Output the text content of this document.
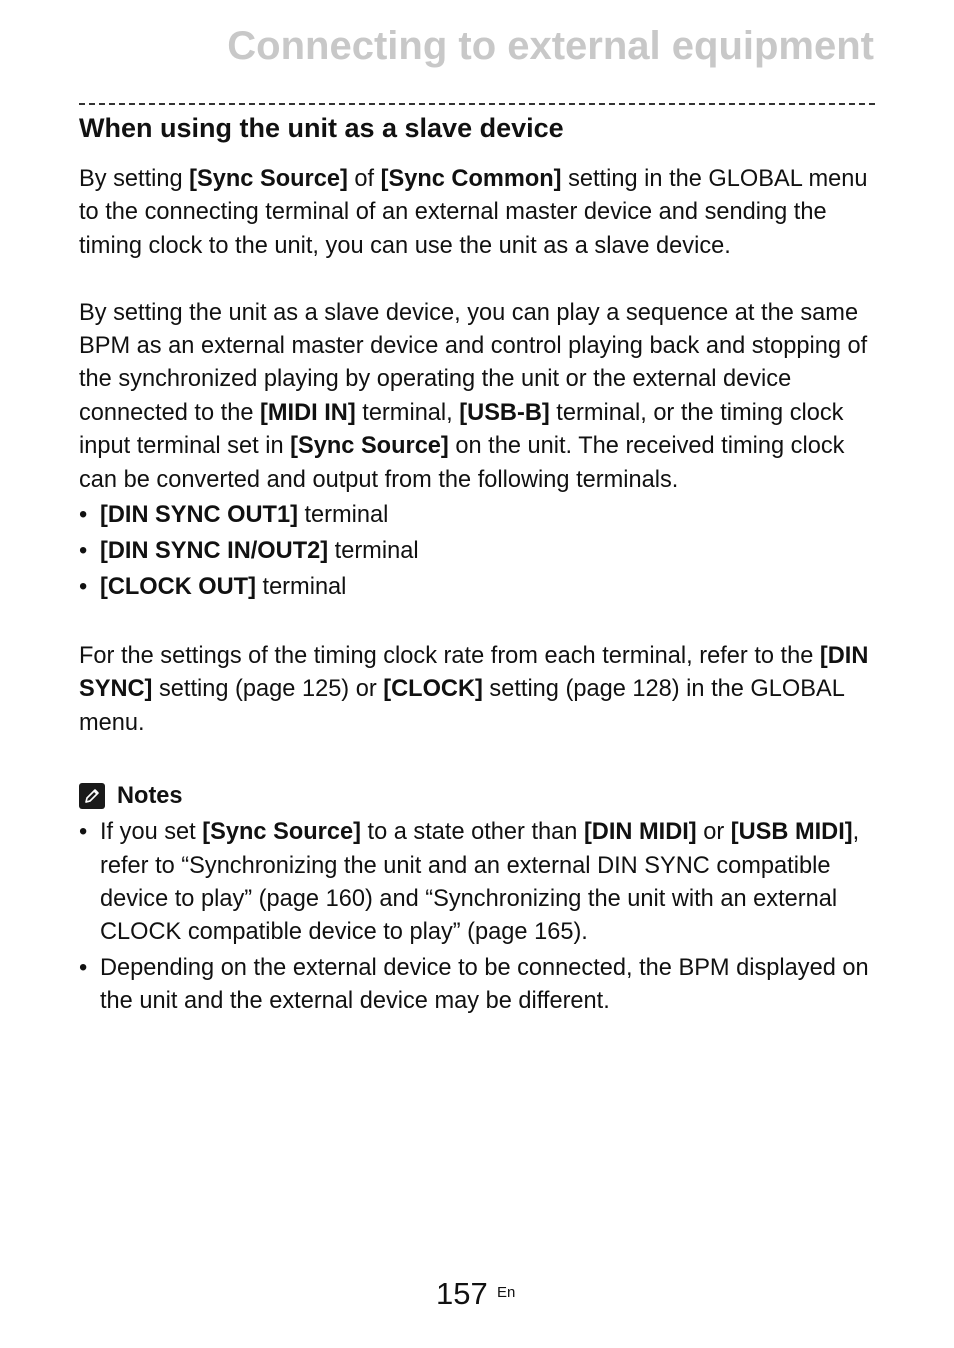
Connecting to external equipment
When using the unit as a slave device

By setting [Sync Source] of [Sync Common] setting in the GLOBAL menu to the connecting terminal of an external master device and sending the timing clock to the unit, you can use the unit as a slave device.

By setting the unit as a slave device, you can play a sequence at the same BPM as an external master device and control playing back and stopping of the synchronized playing by operating the unit or the external device connected to the [MIDI IN] terminal, [USB-B] terminal, or the timing clock input terminal set in [Sync Source] on the unit. The received timing clock can be converted and output from the following terminals.

• [DIN SYNC OUT1] terminal
• [DIN SYNC IN/OUT2] terminal
• [CLOCK OUT] terminal

For the settings of the timing clock rate from each terminal, refer to the [DIN SYNC] setting (page 125) or [CLOCK] setting (page 128) in the GLOBAL menu.

Notes
• If you set [Sync Source] to a state other than [DIN MIDI] or [USB MIDI], refer to “Synchronizing the unit and an external DIN SYNC compatible device to play” (page 160) and “Synchronizing the unit with an external CLOCK compatible device to play” (page 165).
• Depending on the external device to be connected, the BPM displayed on the unit and the external device may be different.
157 En
